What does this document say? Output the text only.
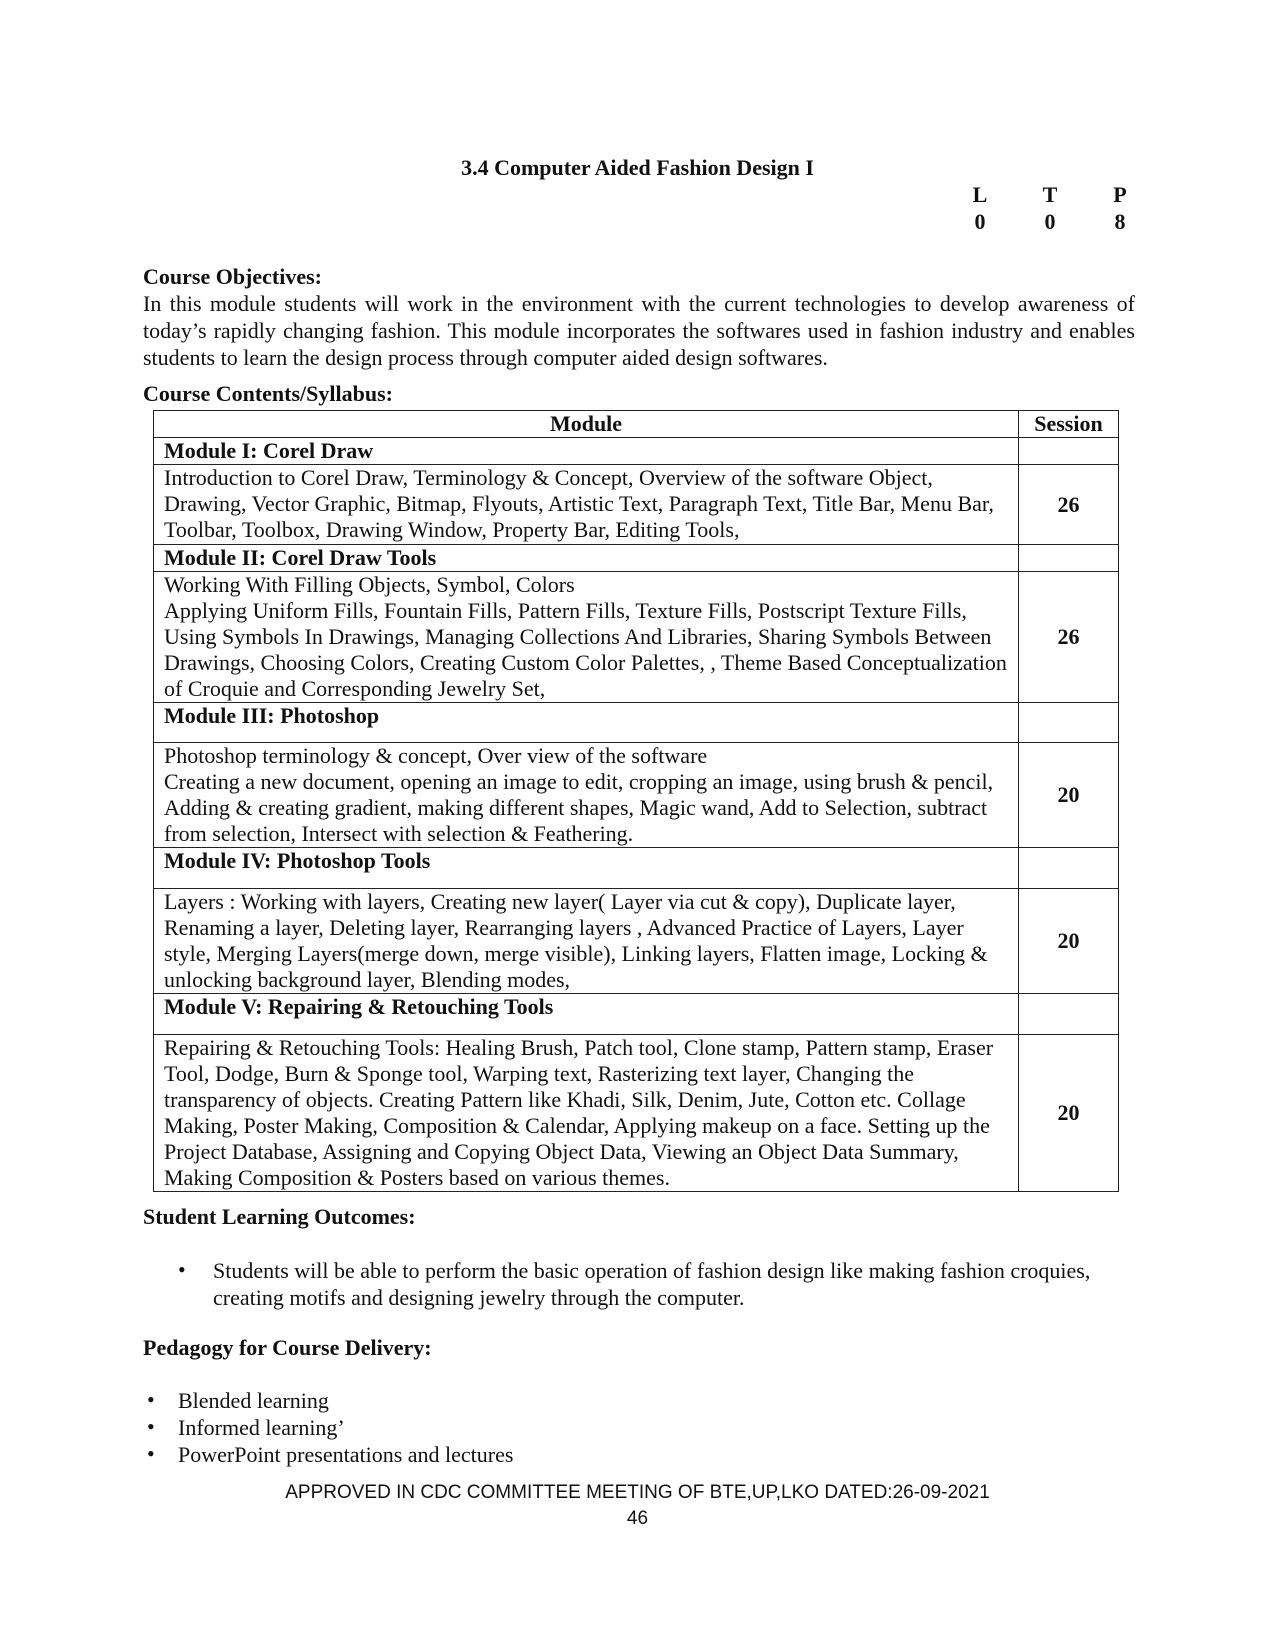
3.4 Computer Aided Fashion Design I
L	T	P
0	0	8
Course Objectives:
In this module students will work in the environment with the current technologies to develop awareness of today’s rapidly changing fashion. This module incorporates the softwares used in fashion industry and enables students to learn the design process through computer aided design softwares.
Course Contents/Syllabus:
Module	Session
Module I: Corel Draw	
Introduction to Corel Draw, Terminology & Concept, Overview of the software Object, Drawing, Vector Graphic, Bitmap, Flyouts, Artistic Text, Paragraph Text, Title Bar, Menu Bar, Toolbar, Toolbox, Drawing Window, Property Bar, Editing Tools,	26
Module II: Corel Draw Tools	
Working With Filling Objects, Symbol, Colors
Applying Uniform Fills, Fountain Fills, Pattern Fills, Texture Fills, Postscript Texture Fills, Using Symbols In Drawings, Managing Collections And Libraries, Sharing Symbols Between Drawings, Choosing Colors, Creating Custom Color Palettes, , Theme Based Conceptualization of Croquie and Corresponding Jewelry Set,	26
Module III: Photoshop	
Photoshop terminology & concept, Over view of the software
Creating a new document, opening an image to edit, cropping an image, using brush & pencil, Adding & creating gradient, making different shapes, Magic wand, Add to Selection, subtract from selection, Intersect with selection & Feathering.	20
Module IV: Photoshop Tools	
Layers : Working with layers, Creating new layer( Layer via cut & copy), Duplicate layer, Renaming a layer, Deleting layer, Rearranging layers , Advanced Practice of Layers, Layer style, Merging Layers(merge down, merge visible), Linking layers, Flatten image, Locking & unlocking background layer, Blending modes,	20
Module V: Repairing & Retouching Tools	
Repairing & Retouching Tools: Healing Brush, Patch tool, Clone stamp, Pattern stamp, Eraser Tool, Dodge, Burn & Sponge tool, Warping text, Rasterizing text layer, Changing the transparency of objects. Creating Pattern like Khadi, Silk, Denim, Jute, Cotton etc. Collage Making, Poster Making, Composition & Calendar, Applying makeup on a face. Setting up the Project Database, Assigning and Copying Object Data, Viewing an Object Data Summary, Making Composition & Posters based on various themes.	20
Student Learning Outcomes:
• Students will be able to perform the basic operation of fashion design like making fashion croquies, creating motifs and designing jewelry through the computer.
Pedagogy for Course Delivery:
• Blended learning
• Informed learning’
• PowerPoint presentations and lectures
APPROVED IN CDC COMMITTEE MEETING OF BTE,UP,LKO DATED:26-09-2021
46
